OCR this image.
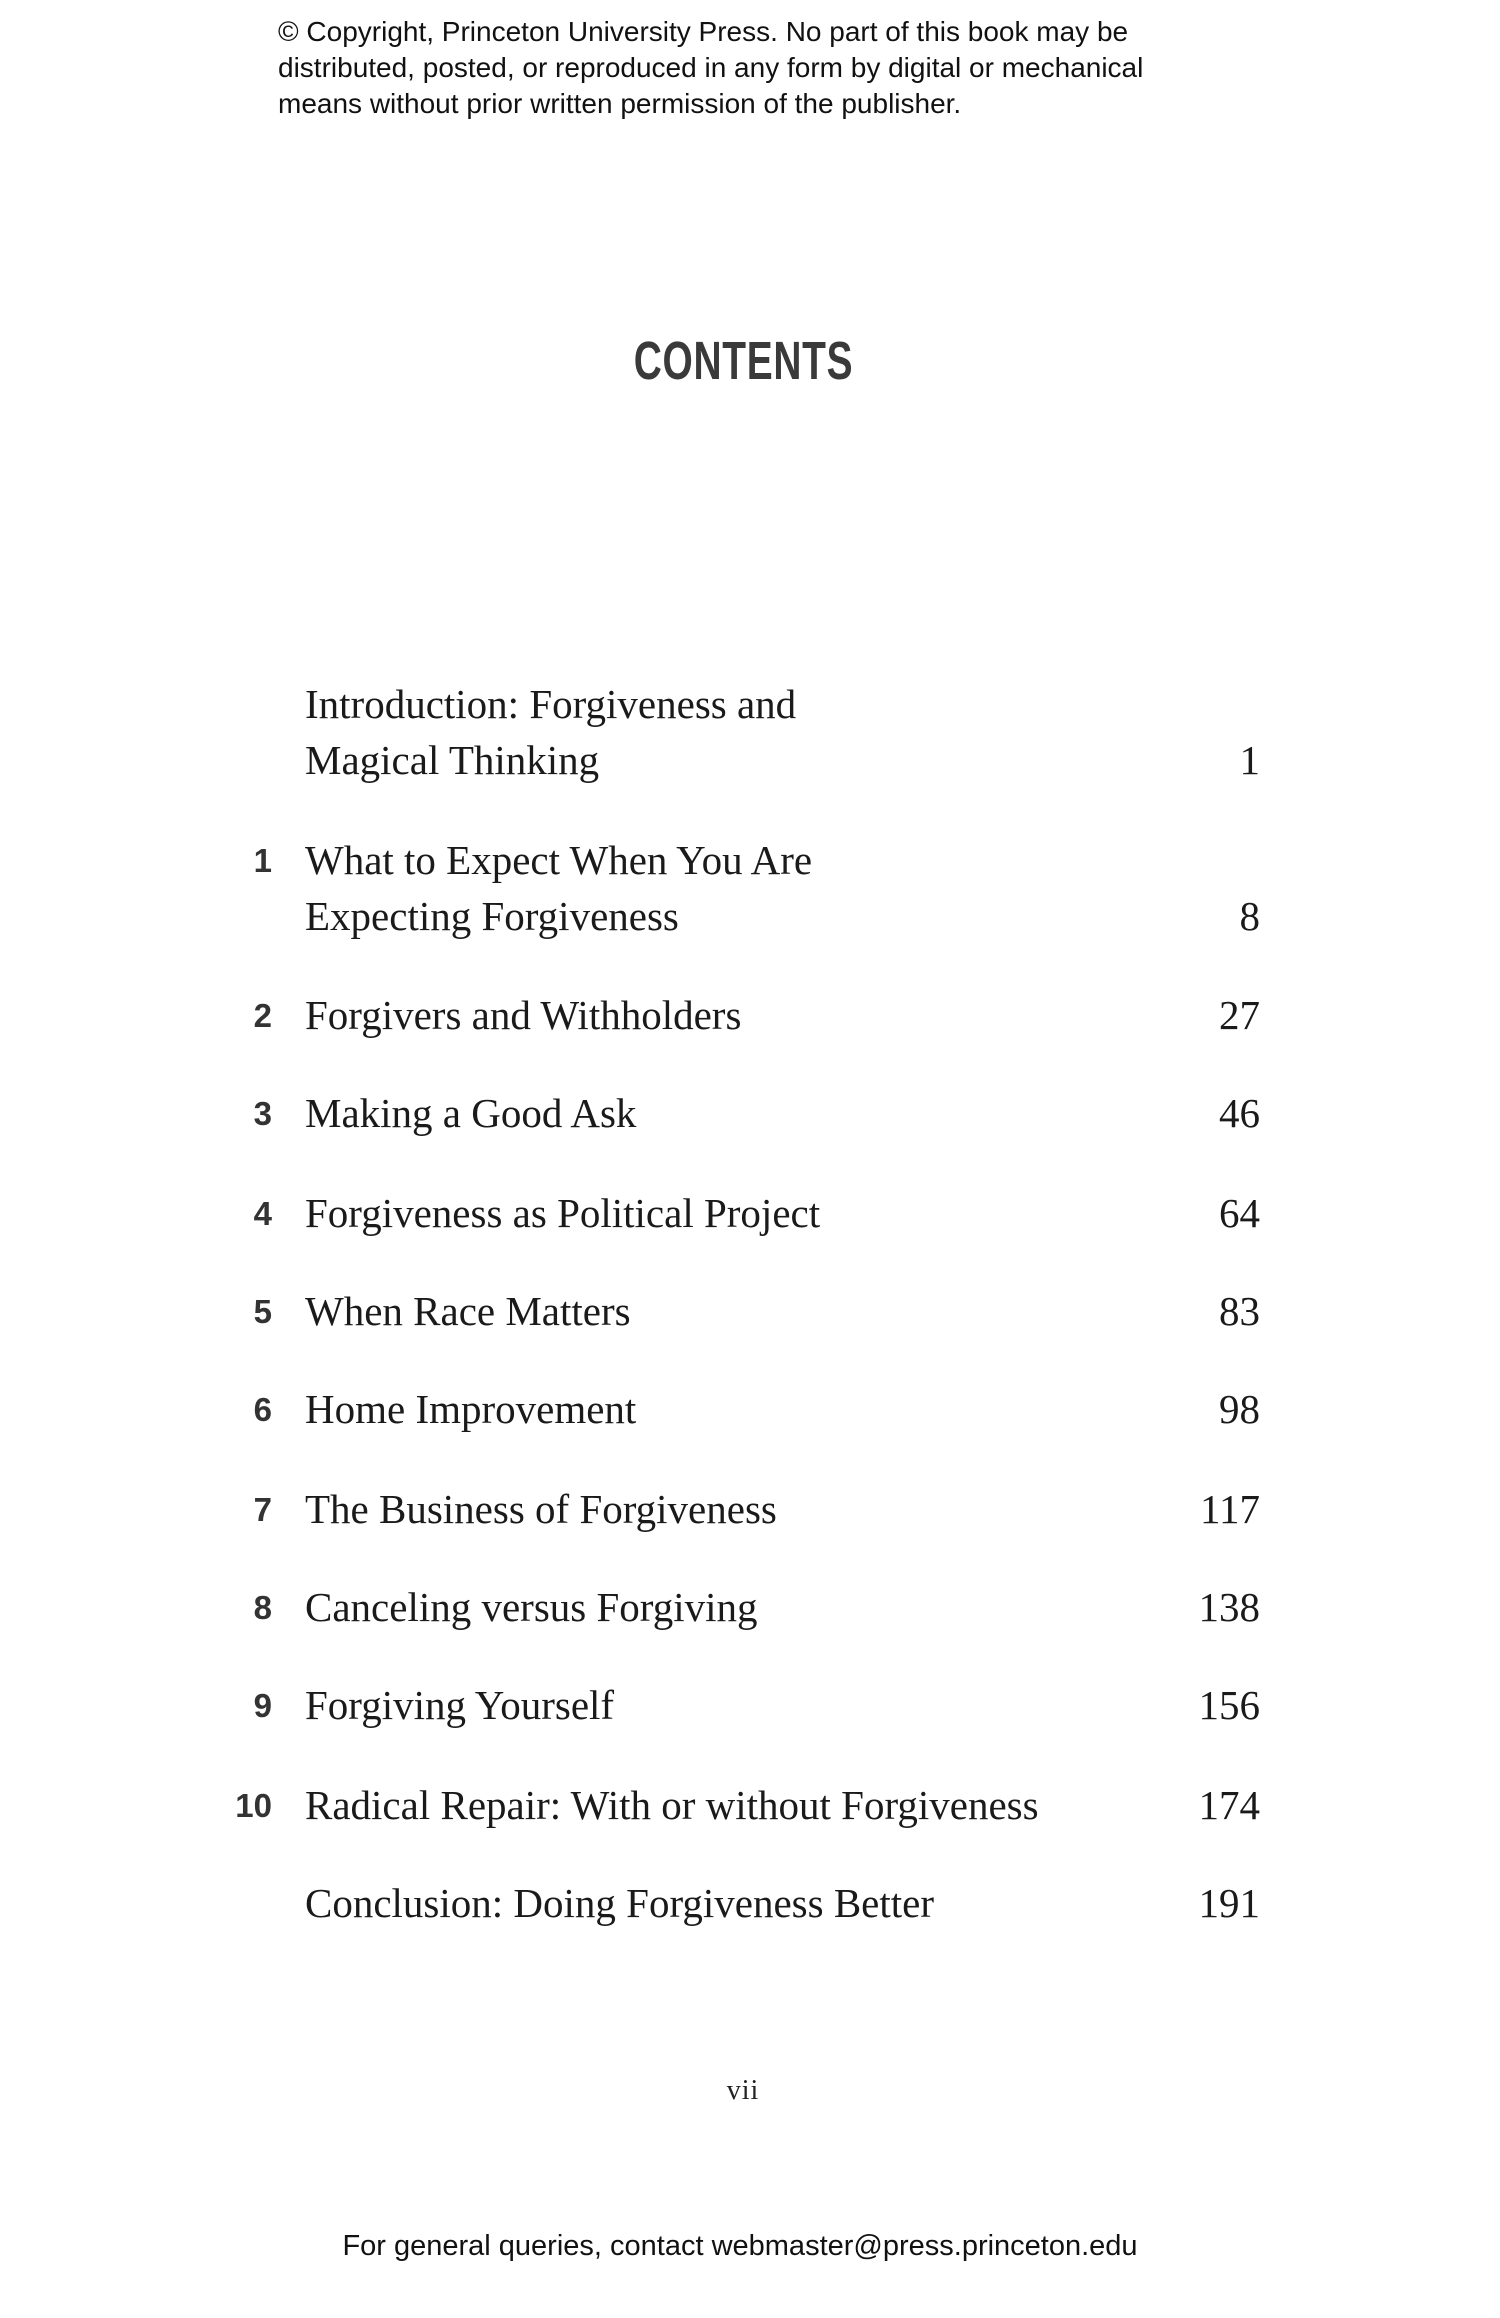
© Copyright, Princeton University Press. No part of this book may be
distributed, posted, or reproduced in any form by digital or mechanical
means without prior written permission of the publisher.
CONTENTS
Introduction: Forgiveness and
Magical Thinking	1
1 What to Expect When You Are
Expecting Forgiveness	8
2 Forgivers and Withholders	27
3 Making a Good Ask	46
4 Forgiveness as Political Project	64
5 When Race Matters	83
6 Home Improvement	98
7 The Business of Forgiveness	117
8 Canceling versus Forgiving	138
9 Forgiving Yourself	156
10 Radical Repair: With or without Forgiveness	174
Conclusion: Doing Forgiveness Better	191
vii
For general queries, contact webmaster@press.princeton.edu
